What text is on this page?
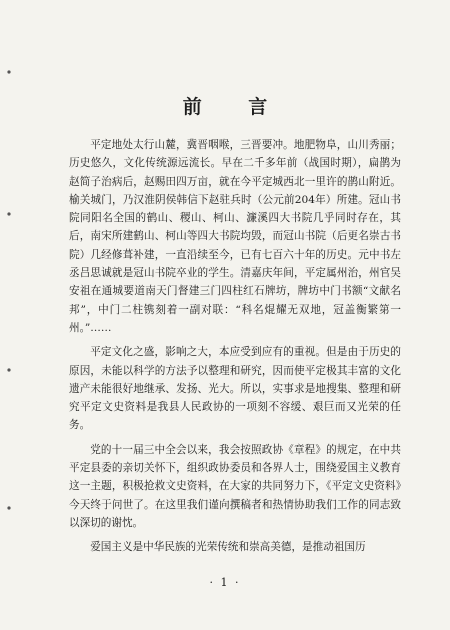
前 言

平定地处太行山麓，冀晋咽喉，三晋要冲。地肥物阜，山川秀丽；历史悠久，文化传统源远流长。早在二千多年前（战国时期），扁鹊为赵简子治病后，赵赐田四万亩，就在今平定城西北一里许的鹊山附近。榆关城门，乃汉淮阴侯韩信下赵驻兵时（公元前204年）所建。冠山书院同阳名全国的鹤山、稷山、柯山、濂溪四大书院几乎同时存在，其后，南宋所建鹤山、柯山等四大书院均毁，而冠山书院（后更名崇古书院）几经修葺补建，一直沿续至今，已有七百六十年的历史。元中书左丞吕思诚就是冠山书院卒业的学生。清嘉庆年间，平定属州治，州官吴安祖在通城要道南天门督建三门四柱红石牌坊，牌坊中门书额“文献名邦”，中门二柱镌刻着一副对联：“科名焜耀无双地，冠盖衡繁第一州。”……

平定文化之盛，影响之大，本应受到应有的重视。但是由于历史的原因，未能以科学的方法予以整理和研究，因而使平定极其丰富的文化遗产未能很好地继承、发扬、光大。所以，实事求是地搜集、整理和研究平定文史资料是我县人民政协的一项刻不容缓、艰巨而又光荣的任务。

党的十一届三中全会以来，我会按照政协《章程》的规定，在中共平定县委的亲切关怀下，组织政协委员和各界人士，围绕爱国主义教育这一主题，积极抢救文史资料，在大家的共同努力下，《平定文史资料》今天终于问世了。在这里我们谨向撰稿者和热情协助我们工作的同志致以深切的谢忱。

爱国主义是中华民族的光荣传统和崇高美德，是推动祖国历

· 1 ·
